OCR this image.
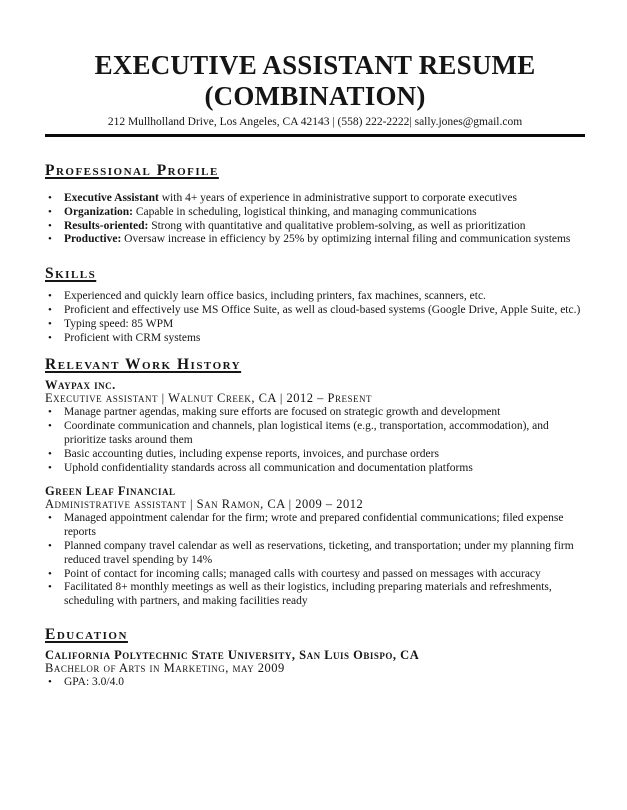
EXECUTIVE ASSISTANT RESUME
(COMBINATION)
212 Mullholland Drive, Los Angeles, CA 42143 | (558) 222-2222| sally.jones@gmail.com
Professional Profile
• Executive Assistant with 4+ years of experience in administrative support to corporate executives
• Organization: Capable in scheduling, logistical thinking, and managing communications
• Results-oriented: Strong with quantitative and qualitative problem-solving, as well as prioritization
• Productive: Oversaw increase in efficiency by 25% by optimizing internal filing and communication systems
Skills
• Experienced and quickly learn office basics, including printers, fax machines, scanners, etc.
• Proficient and effectively use MS Office Suite, as well as cloud-based systems (Google Drive, Apple Suite, etc.)
• Typing speed: 85 WPM
• Proficient with CRM systems
Relevant Work History
Waypax inc.
Executive assistant | Walnut Creek, CA | 2012 – Present
• Manage partner agendas, making sure efforts are focused on strategic growth and development
• Coordinate communication and channels, plan logistical items (e.g., transportation, accommodation), and prioritize tasks around them
• Basic accounting duties, including expense reports, invoices, and purchase orders
• Uphold confidentiality standards across all communication and documentation platforms
Green Leaf Financial
Administrative assistant | San Ramon, CA | 2009 – 2012
• Managed appointment calendar for the firm; wrote and prepared confidential communications; filed expense reports
• Planned company travel calendar as well as reservations, ticketing, and transportation; under my planning firm reduced travel spending by 14%
• Point of contact for incoming calls; managed calls with courtesy and passed on messages with accuracy
• Facilitated 8+ monthly meetings as well as their logistics, including preparing materials and refreshments, scheduling with partners, and making facilities ready
Education
California Polytechnic State University, San Luis Obispo, CA
Bachelor of Arts in Marketing, may 2009
• GPA: 3.0/4.0
